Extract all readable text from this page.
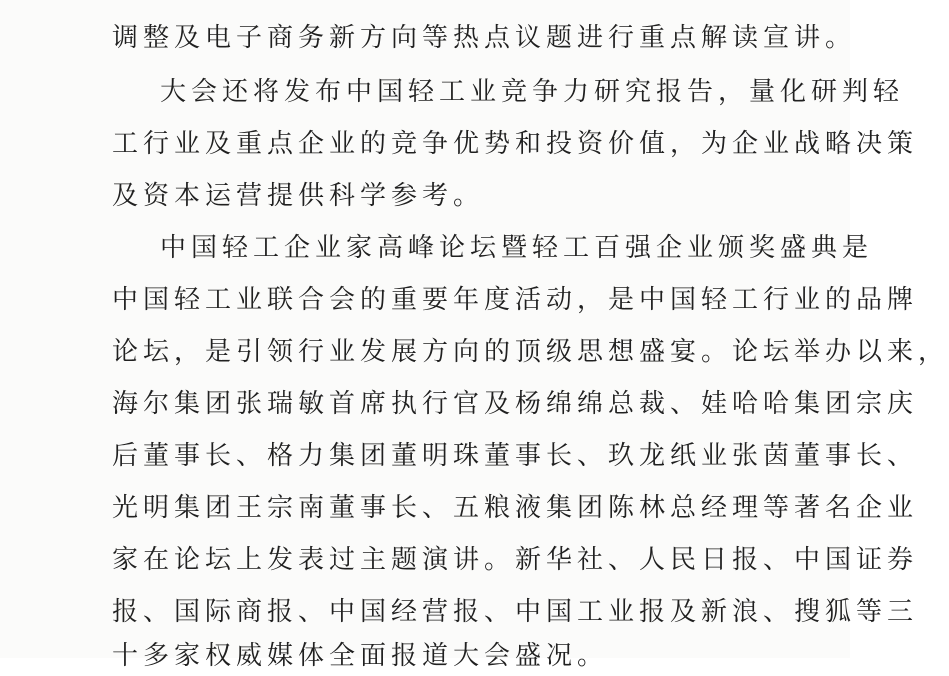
调整及电子商务新方向等热点议题进行重点解读宣讲。
大会还将发布中国轻工业竞争力研究报告，量化研判轻
工行业及重点企业的竞争优势和投资价值，为企业战略决策
及资本运营提供科学参考。
中国轻工企业家高峰论坛暨轻工百强企业颁奖盛典是
中国轻工业联合会的重要年度活动，是中国轻工行业的品牌
论坛，是引领行业发展方向的顶级思想盛宴。论坛举办以来，
海尔集团张瑞敏首席执行官及杨绵绵总裁、娃哈哈集团宗庆
后董事长、格力集团董明珠董事长、玖龙纸业张茵董事长、
光明集团王宗南董事长、五粮液集团陈林总经理等著名企业
家在论坛上发表过主题演讲。新华社、人民日报、中国证券
报、国际商报、中国经营报、中国工业报及新浪、搜狐等三
十多家权威媒体全面报道大会盛况。
